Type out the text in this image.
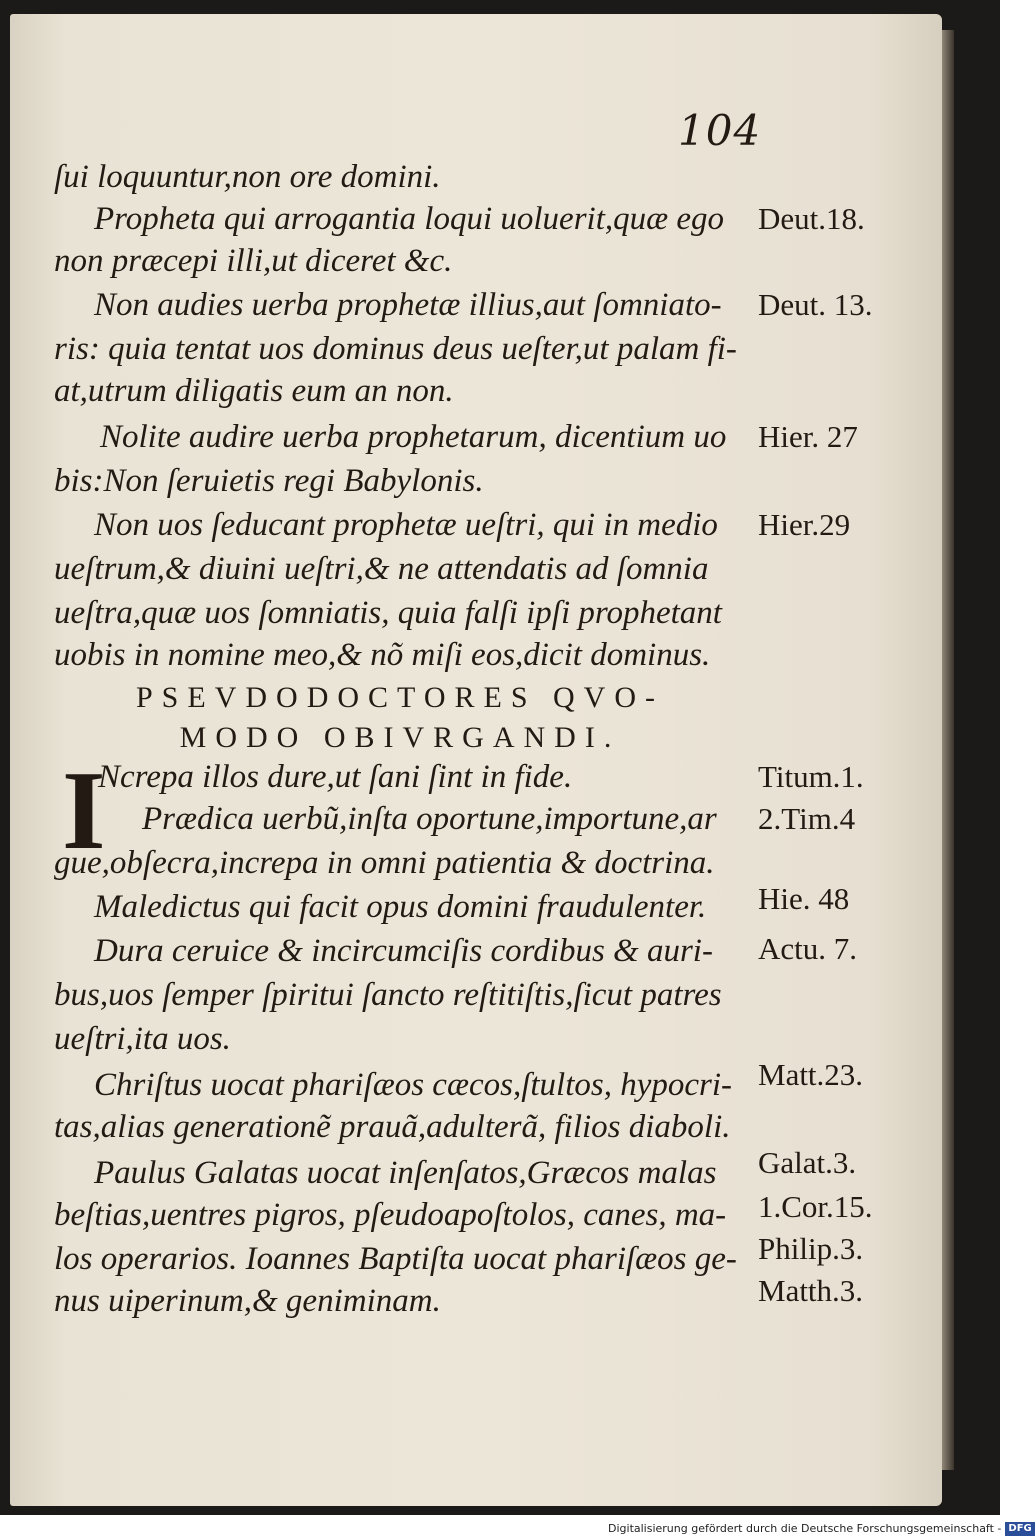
104
ſui loquuntur,non ore domini.
Propheta qui arrogantia loqui uoluerit,quæ ego
non præcepi illi,ut diceret &c.
Non audies uerba prophetæ illius,aut ſomniato-
ris: quia tentat uos dominus deus ueſter,ut palam fi-
at,utrum diligatis eum an non.
Nolite audire uerba prophetarum, dicentium uo
bis:Non ſeruietis regi Babylonis.
Non uos ſeducant prophetæ ueſtri, qui in medio
ueſtrum,& diuini ueſtri,& ne attendatis ad ſomnia
ueſtra,quæ uos ſomniatis, quia falſi ipſi prophetant
uobis in nomine meo,& nõ miſi eos,dicit dominus.
PSEVDODOCTORES QVO-
MODO OBIVRGANDI.
I
Ncrepa illos dure,ut ſani ſint in fide.
Prædica uerbũ,inſta oportune,importune,ar
gue,obſecra,increpa in omni patientia & doctrina.
Maledictus qui facit opus domini fraudulenter.
Dura ceruice & incircumciſis cordibus & auri-
bus,uos ſemper ſpiritui ſancto reſtitiſtis,ſicut patres
ueſtri,ita uos.
Chriſtus uocat phariſæos cæcos,ſtultos, hypocri-
tas,alias generationẽ prauã,adulterã, filios diaboli.
Paulus Galatas uocat inſenſatos,Græcos malas
beſtias,uentres pigros, pſeudoapoſtolos, canes, ma-
los operarios. Ioannes Baptiſta uocat phariſæos ge-
nus uiperinum,& geniminam.
Deut.18.
Deut. 13.
Hier. 27
Hier.29
Titum.1.
2.Tim.4
Hie. 48
Actu. 7.
Matt.23.
Galat.3.
1.Cor.15.
Philip.3.
Matth.3.
Digitalisierung gefördert durch die Deutsche Forschungsgemeinschaft - DFG
